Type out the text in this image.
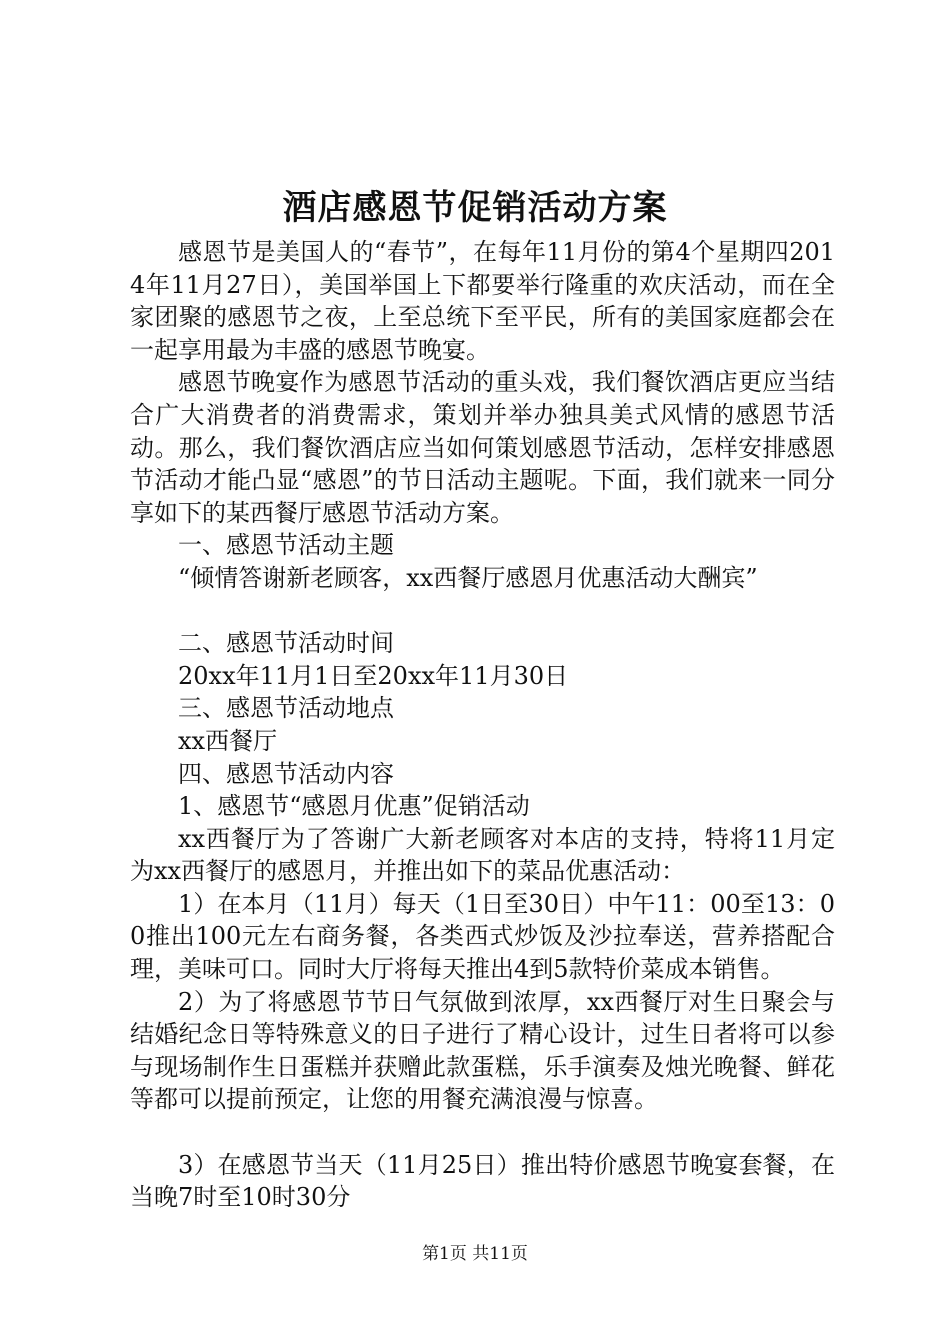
酒店感恩节促销活动方案

感恩节是美国人的“春节”，在每年11月份的第4个星期四2014年11月27日），美国举国上下都要举行隆重的欢庆活动，而在全家团聚的感恩节之夜，上至总统下至平民，所有的美国家庭都会在一起享用最为丰盛的感恩节晚宴。

感恩节晚宴作为感恩节活动的重头戏，我们餐饮酒店更应当结合广大消费者的消费需求，策划并举办独具美式风情的感恩节活动。那么，我们餐饮酒店应当如何策划感恩节活动，怎样安排感恩节活动才能凸显“感恩”的节日活动主题呢。下面，我们就来一同分享如下的某西餐厅感恩节活动方案。

一、感恩节活动主题

“倾情答谢新老顾客，xx西餐厅感恩月优惠活动大酬宾”

二、感恩节活动时间

20xx年11月1日至20xx年11月30日

三、感恩节活动地点

xx西餐厅

四、感恩节活动内容

1、感恩节“感恩月优惠”促销活动

xx西餐厅为了答谢广大新老顾客对本店的支持，特将11月定为xx西餐厅的感恩月，并推出如下的菜品优惠活动：

1）在本月（11月）每天（1日至30日）中午11：00至13：00推出100元左右商务餐，各类西式炒饭及沙拉奉送，营养搭配合理，美味可口。同时大厅将每天推出4到5款特价菜成本销售。

2）为了将感恩节节日气氛做到浓厚，xx西餐厅对生日聚会与结婚纪念日等特殊意义的日子进行了精心设计，过生日者将可以参与现场制作生日蛋糕并获赠此款蛋糕，乐手演奏及烛光晚餐、鲜花等都可以提前预定，让您的用餐充满浪漫与惊喜。

3）在感恩节当天（11月25日）推出特价感恩节晚宴套餐，在当晚7时至10时30分

第1页 共11页
